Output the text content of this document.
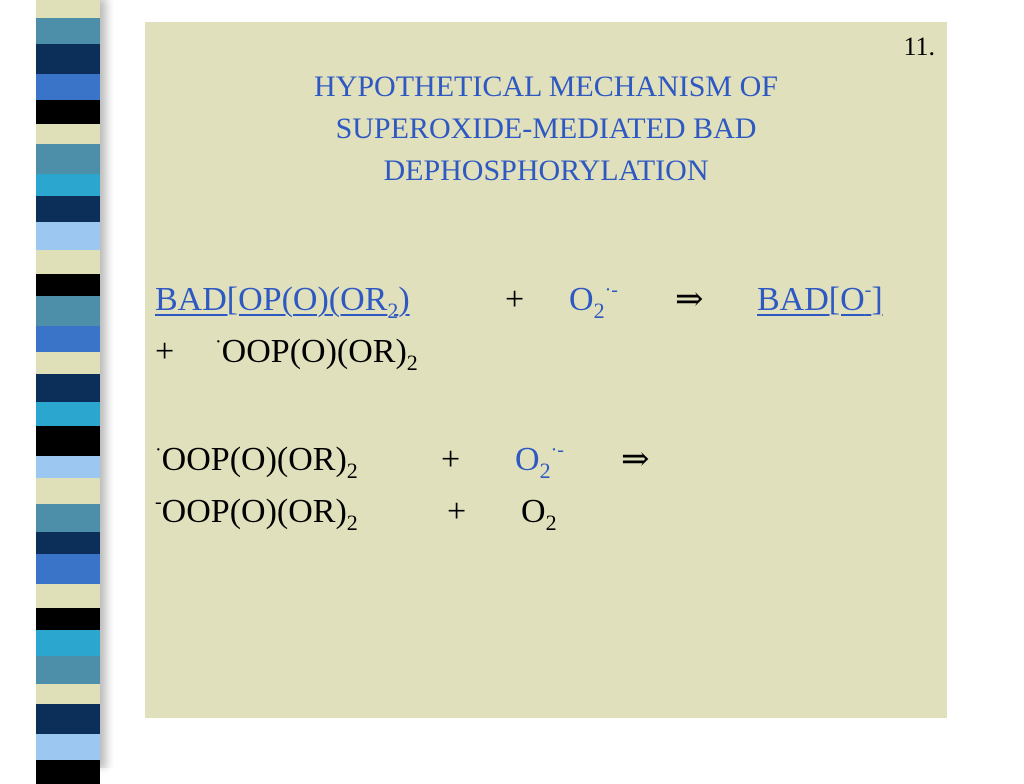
11.
HYPOTHETICAL MECHANISM OF
SUPEROXIDE-MEDIATED BAD
DEPHOSPHORYLATION
$BAD[OP(O)(OR_2)$	+ $O_2^{\cdot-}$ ⇒ BAD[O-]
+ $^\cdot OOP(O)(OR)_2$
$^\cdot OOP(O)(OR)_2 + O_2^{\cdot-}$ ⇒
$^-OOP(O)(OR)_2$	+ $O_2$
